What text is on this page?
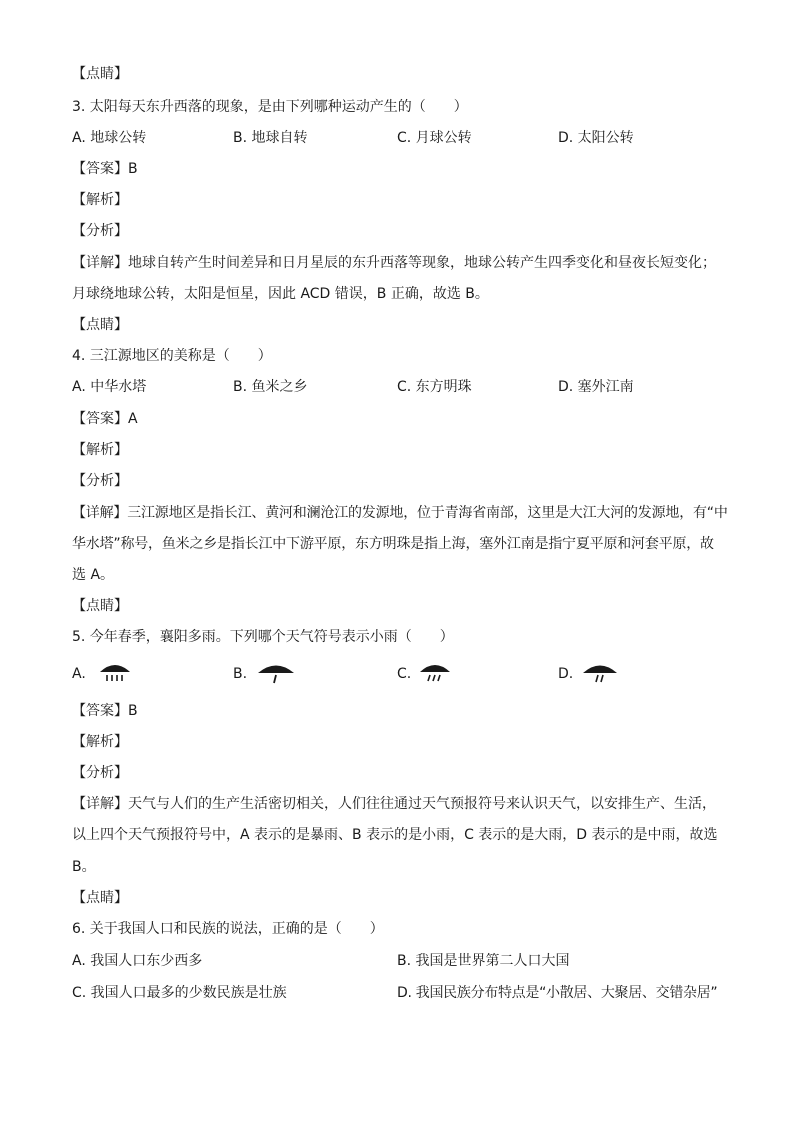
【点睛】
3. 太阳每天东升西落的现象，是由下列哪种运动产生的（　　）
A. 地球公转	B. 地球自转	C. 月球公转	D. 太阳公转
【答案】B
【解析】
【分析】
【详解】地球自转产生时间差异和日月星辰的东升西落等现象，地球公转产生四季变化和昼夜长短变化；
月球绕地球公转，太阳是恒星，因此 ACD 错误，B 正确，故选 B。
【点睛】
4. 三江源地区的美称是（　　）
A. 中华水塔	B. 鱼米之乡	C. 东方明珠	D. 塞外江南
【答案】A
【解析】
【分析】
【详解】三江源地区是指长江、黄河和澜沧江的发源地，位于青海省南部，这里是大江大河的发源地，有“中
华水塔”称号，鱼米之乡是指长江中下游平原，东方明珠是指上海，塞外江南是指宁夏平原和河套平原，故
选 A。
【点睛】
5. 今年春季，襄阳多雨。下列哪个天气符号表示小雨（　　）
A.	B.	C.	D.
【答案】B
【解析】
【分析】
【详解】天气与人们的生产生活密切相关，人们往往通过天气预报符号来认识天气，以安排生产、生活，
以上四个天气预报符号中，A 表示的是暴雨、B 表示的是小雨，C 表示的是大雨，D 表示的是中雨，故选
B。
【点睛】
6. 关于我国人口和民族的说法，正确的是（　　）
A. 我国人口东少西多	B. 我国是世界第二人口大国
C. 我国人口最多的少数民族是壮族	D. 我国民族分布特点是“小散居、大聚居、交错杂居”
